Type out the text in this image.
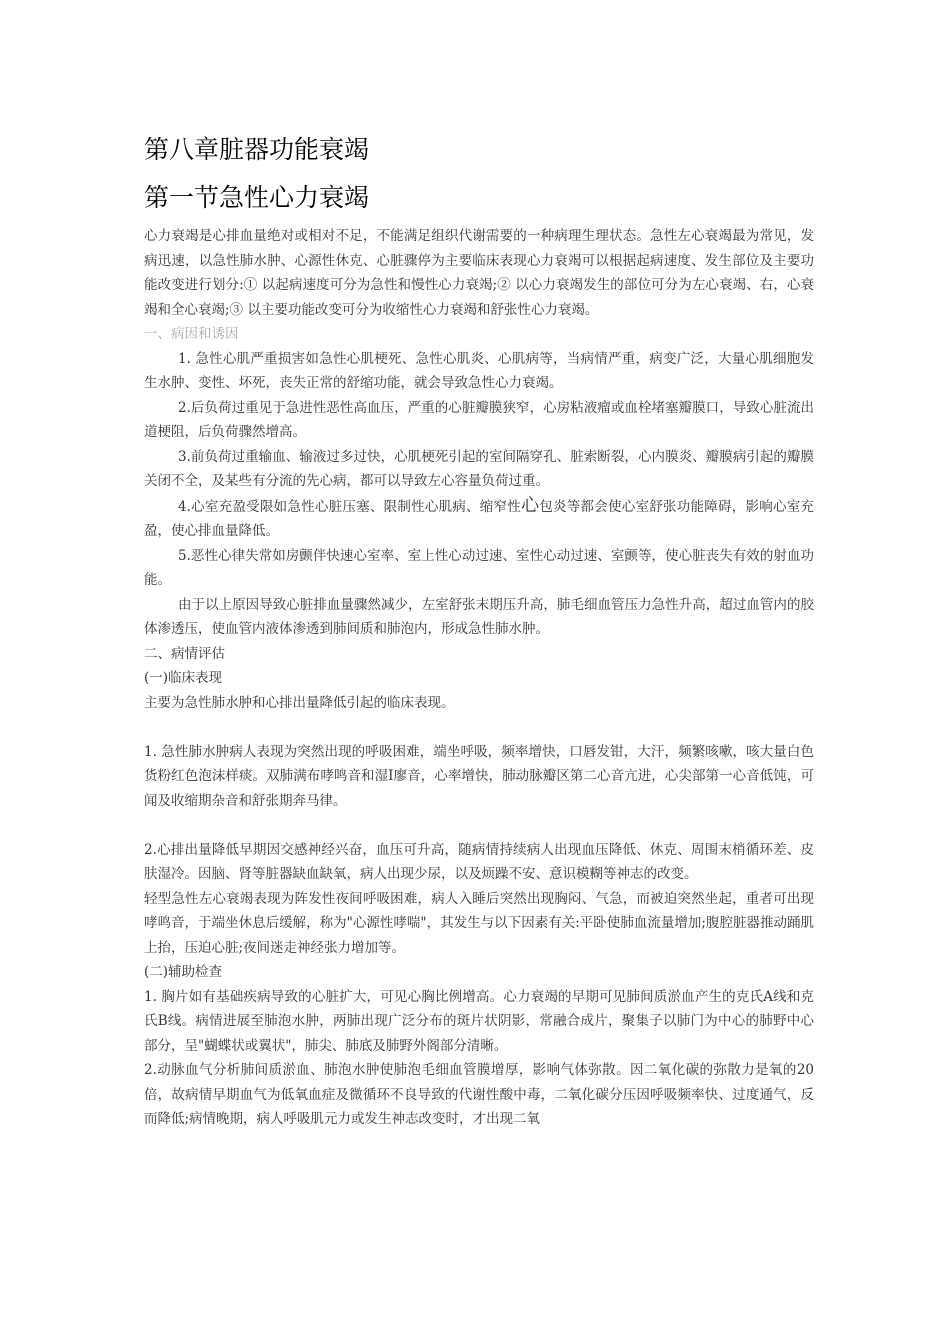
第八章脏器功能衰竭
第一节急性心力衰竭

心力衰竭是心排血量绝对或相对不足，不能满足组织代谢需要的一种病理生理状态。急性左心衰竭最为常见，发病迅速，以急性肺水肿、心源性休克、心脏骤停为主要临床表现心力衰竭可以根据起病速度、发生部位及主要功能改变进行划分:① 以起病速度可分为急性和慢性心力衰竭;② 以心力衰竭发生的部位可分为左心衰竭、右，心衰竭和全心衰竭;③ 以主要功能改变可分为收缩性心力衰竭和舒张性心力衰竭。

一、病因和诱因

1. 急性心肌严重损害如急性心肌梗死、急性心肌炎、心肌病等，当病情严重，病变广泛，大量心肌细胞发生水肿、变性、坏死，丧失正常的舒缩功能，就会导致急性心力衰竭。

2.后负荷过重见于急进性恶性高血压，严重的心脏瓣膜狭窄，心房粘液瘤或血栓堵塞瓣膜口，导致心脏流出道梗阻，后负荷骤然增高。

3.前负荷过重输血、输液过多过快，心肌梗死引起的室间隔穿孔、脏索断裂，心内膜炎、瓣膜病引起的瓣膜关闭不全，及某些有分流的先心病，都可以导致左心容量负荷过重。

4.心室充盈受限如急性心脏压塞、限制性心肌病、缩窄性心包炎等都会使心室舒张功能障碍，影响心室充盈，使心排血量降低。

5.恶性心律失常如房颤伴快速心室率、室上性心动过速、室性心动过速、室颤等，使心脏丧失有效的射血功能。

由于以上原因导致心脏排血量骤然减少，左室舒张末期压升高，肺毛细血管压力急性升高，超过血管内的胶体渗透压，使血管内液体渗透到肺间质和肺泡内，形成急性肺水肿。

二、病情评估

(一)临床表现

主要为急性肺水肿和心排出量降低引起的临床表现。

1. 急性肺水肿病人表现为突然出现的呼吸困难，端坐呼吸，频率增快，口唇发钳，大汗，频繁咳嗽，咳大量白色货粉红色泡沫样痰。双肺满布哮鸣音和湿I廖音，心率增快，肺动脉瓣区第二心音亢进，心尖部第一心音低饨，可闻及收缩期杂音和舒张期奔马律。

2.心排出量降低早期因交感神经兴奋，血压可升高，随病情持续病人出现血压降低、休克、周围末梢循环差、皮肤湿冷。因脑、肾等脏器缺血缺氧，病人出现少尿，以及烦躁不安、意识模糊等神志的改变。

轻型急性左心衰竭表现为阵发性夜间呼吸困难，病人入睡后突然出现胸闷、气急，而被迫突然坐起，重者可出现哮鸣音，于端坐休息后缓解，称为"心源性哮喘"，其发生与以下因素有关:平卧使肺血流量增加;腹腔脏器推动踊肌上抬，压迫心脏;夜间迷走神经张力增加等。

(二)辅助检查

1. 胸片如有基础疾病导致的心脏扩大，可见心胸比例增高。心力衰竭的早期可见肺间质淤血产生的克氏A线和克氏B线。病情进展至肺泡水肿，两肺出现广泛分布的斑片状阴影，常融合成片，聚集子以肺门为中心的肺野中心部分，呈"蝴蝶状或翼状"，肺尖、肺底及肺野外阁部分清晰。

2.动脉血气分析肺间质淤血、肺泡水肿使肺泡毛细血管膜增厚，影响气体弥散。因二氧化碳的弥散力是氧的20倍，故病情早期血气为低氧血症及微循环不良导致的代谢性酸中毒，二氧化碳分压因呼吸频率快、过度通气，反而降低;病情晚期，病人呼吸肌元力或发生神志改变时，才出现二氧
